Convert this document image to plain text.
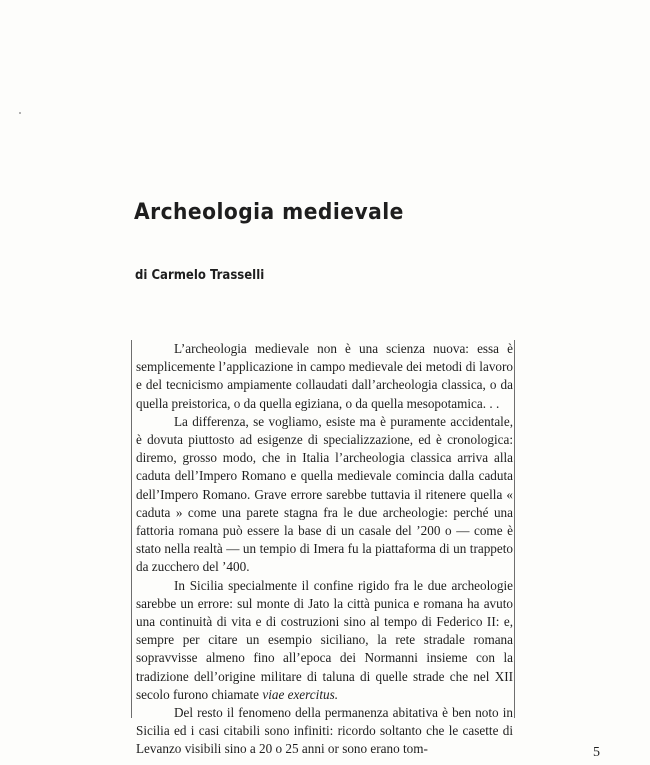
Archeologia medievale
di Carmelo Trasselli

L’archeologia medievale non è una scienza nuova: essa è semplicemente l’applicazione in campo medievale dei metodi di lavoro e del tecnicismo ampiamente collaudati dall’archeologia classica, o da quella preistorica, o da quella egiziana, o da quella mesopotamica. . .

La differenza, se vogliamo, esiste ma è puramente accidentale, è dovuta piuttosto ad esigenze di specializzazione, ed è cronologica: diremo, grosso modo, che in Italia l’archeologia classica arriva alla caduta dell’Impero Romano e quella medievale comincia dalla caduta dell’Impero Romano. Grave errore sarebbe tuttavia il ritenere quella « caduta » come una parete stagna fra le due archeologie: perché una fattoria romana può essere la base di un casale del ’200 o — come è stato nella realtà — un tempio di Imera fu la piattaforma di un trappeto da zucchero del ’400.

In Sicilia specialmente il confine rigido fra le due archeologie sarebbe un errore: sul monte di Jato la città punica e romana ha avuto una continuità di vita e di costruzioni sino al tempo di Federico II: e, sempre per citare un esempio siciliano, la rete stradale romana sopravvisse almeno fino all’epoca dei Normanni insieme con la tradizione dell’origine militare di taluna di quelle strade che nel XII secolo furono chiamate viae exercitus.

Del resto il fenomeno della permanenza abitativa è ben noto in Sicilia ed i casi citabili sono infiniti: ricordo soltanto che le casette di Levanzo visibili sino a 20 o 25 anni or sono erano tom-	5
